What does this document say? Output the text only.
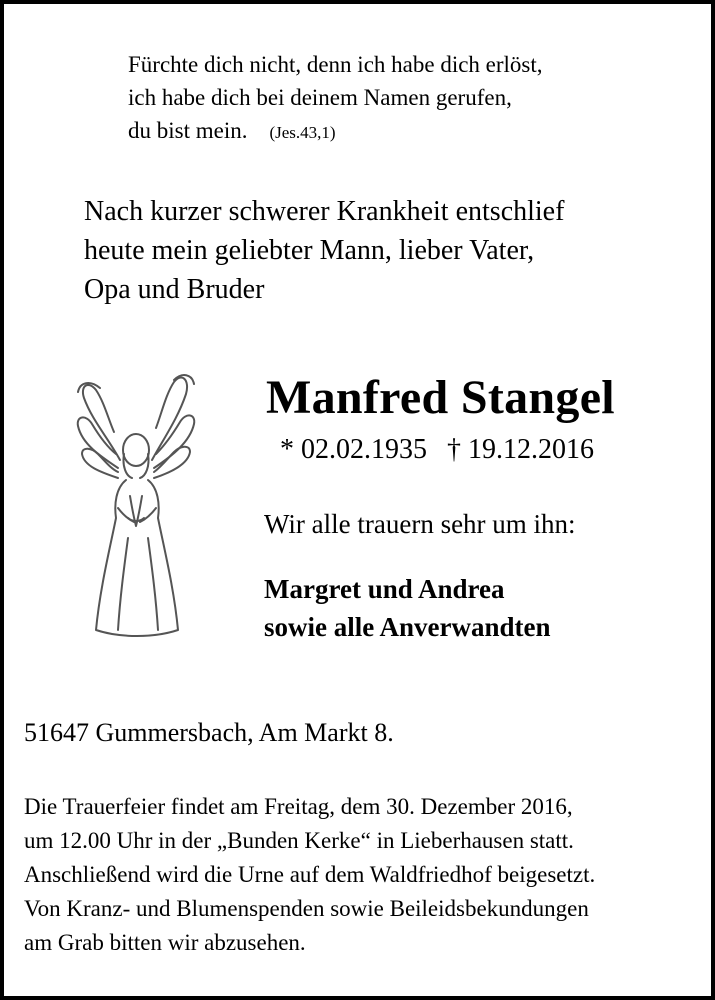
Fürchte dich nicht, denn ich habe dich erlöst,
ich habe dich bei deinem Namen gerufen,
du bist mein. (Jes.43,1)
Nach kurzer schwerer Krankheit entschlief
heute mein geliebter Mann, lieber Vater,
Opa und Bruder
Manfred Stangel
* 02.02.1935 † 19.12.2016
Wir alle trauern sehr um ihn:
Margret und Andrea
sowie alle Anverwandten
51647 Gummersbach, Am Markt 8.
Die Trauerfeier findet am Freitag, dem 30. Dezember 2016,
um 12.00 Uhr in der „Bunden Kerke“ in Lieberhausen statt.
Anschließend wird die Urne auf dem Waldfriedhof beigesetzt.
Von Kranz- und Blumenspenden sowie Beileidsbekundungen
am Grab bitten wir abzusehen.
